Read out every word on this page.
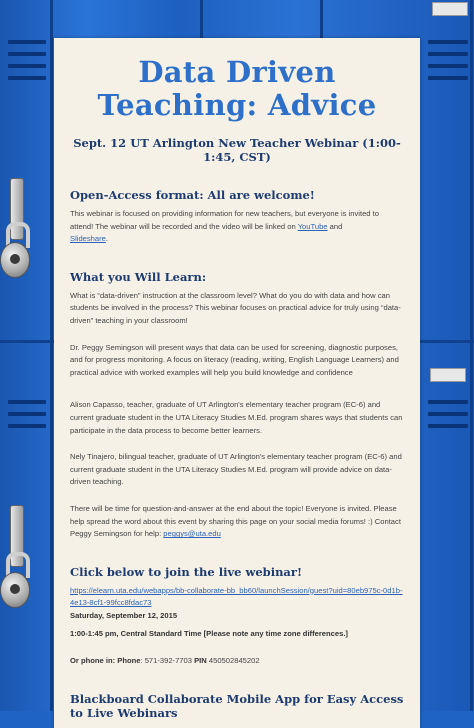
Data Driven
Teaching: Advice
Sept. 12 UT Arlington New Teacher Webinar (1:00-1:45, CST)
Open-Access format: All are welcome!
This webinar is focused on providing information for new teachers, but everyone is invited to attend! The webinar will be recorded and the video will be linked on YouTube and
Slideshare.
What you Will Learn:
What is “data-driven” instruction at the classroom level? What do you do with data and how can students be involved in the process? This webinar focuses on practical advice for truly using “data-driven” teaching in your classroom!
Dr. Peggy Semingson will present ways that data can be used for screening, diagnostic purposes, and for progress monitoring. A focus on literacy (reading, writing, English Language Learners) and practical advice with worked examples will help you build knowledge and confidence
Alison Capasso, teacher, graduate of UT Arlington's elementary teacher program (EC-6) and current graduate student in the UTA Literacy Studies M.Ed. program shares ways that students can participate in the data process to become better learners.
Nely Tinajero, bilingual teacher, graduate of UT Arlington's elementary teacher program (EC-6) and current graduate student in the UTA Literacy Studies M.Ed. program will provide advice on data-driven teaching.
There will be time for question-and-answer at the end about the topic! Everyone is invited. Please help spread the word about this event by sharing this page on your social media forums! :) Contact Peggy Semingson for help: peggys@uta.edu
Click below to join the live webinar!
https://elearn.uta.edu/webapps/bb-collaborate-bb_bb60/launchSession/guest?uid=80eb975c-0d1b-4e13-8cf1-99fcc8fdac73
Saturday, September 12, 2015
1:00-1:45 pm, Central Standard Time [Please note any time zone differences.]
Or phone in: Phone: 571-392-7703 PIN 450502845202
Blackboard Collaborate Mobile App for Easy Access to Live Webinars
